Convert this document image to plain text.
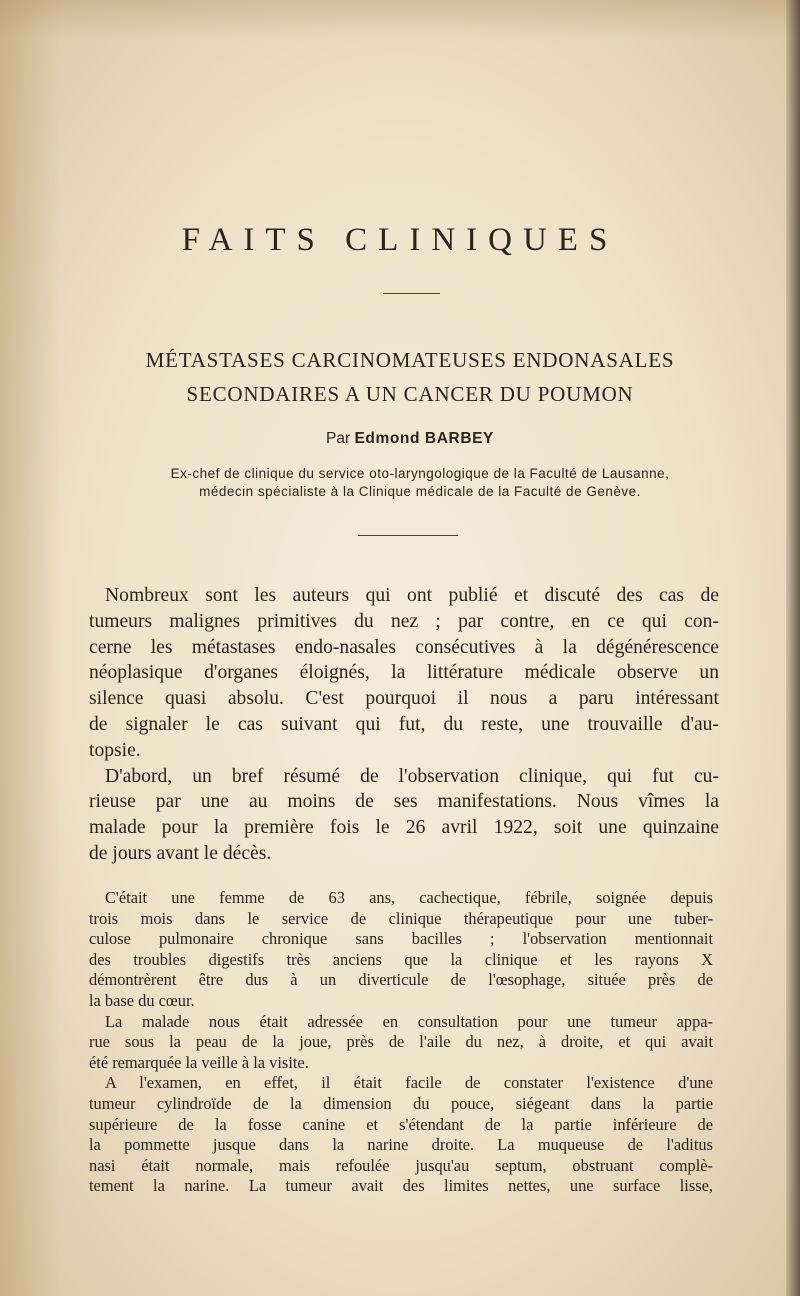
FAITS CLINIQUES
MÉTASTASES CARCINOMATEUSES ENDONASALES
SECONDAIRES A UN CANCER DU POUMON
Par Edmond BARBEY
Ex-chef de clinique du service oto-laryngologique de la Faculté de Lausanne,
médecin spécialiste à la Clinique médicale de la Faculté de Genève.
Nombreux sont les auteurs qui ont publié et discuté des cas de
tumeurs malignes primitives du nez ; par contre, en ce qui con-
cerne les métastases endo-nasales consécutives à la dégénérescence
néoplasique d'organes éloignés, la littérature médicale observe un
silence quasi absolu. C'est pourquoi il nous a paru intéressant
de signaler le cas suivant qui fut, du reste, une trouvaille d'au-
topsie.
D'abord, un bref résumé de l'observation clinique, qui fut cu-
rieuse par une au moins de ses manifestations. Nous vîmes la
malade pour la première fois le 26 avril 1922, soit une quinzaine
de jours avant le décès.
C'était une femme de 63 ans, cachectique, fébrile, soignée depuis
trois mois dans le service de clinique thérapeutique pour une tuber-
culose pulmonaire chronique sans bacilles ; l'observation mentionnait
des troubles digestifs très anciens que la clinique et les rayons X
démontrèrent être dus à un diverticule de l'œsophage, située près de
la base du cœur.
La malade nous était adressée en consultation pour une tumeur appa-
rue sous la peau de la joue, près de l'aile du nez, à droite, et qui avait
été remarquée la veille à la visite.
A l'examen, en effet, il était facile de constater l'existence d'une
tumeur cylindroïde de la dimension du pouce, siégeant dans la partie
supérieure de la fosse canine et s'étendant de la partie inférieure de
la pommette jusque dans la narine droite. La muqueuse de l'aditus
nasi était normale, mais refoulée jusqu'au septum, obstruant complè-
tement la narine. La tumeur avait des limites nettes, une surface lisse,
